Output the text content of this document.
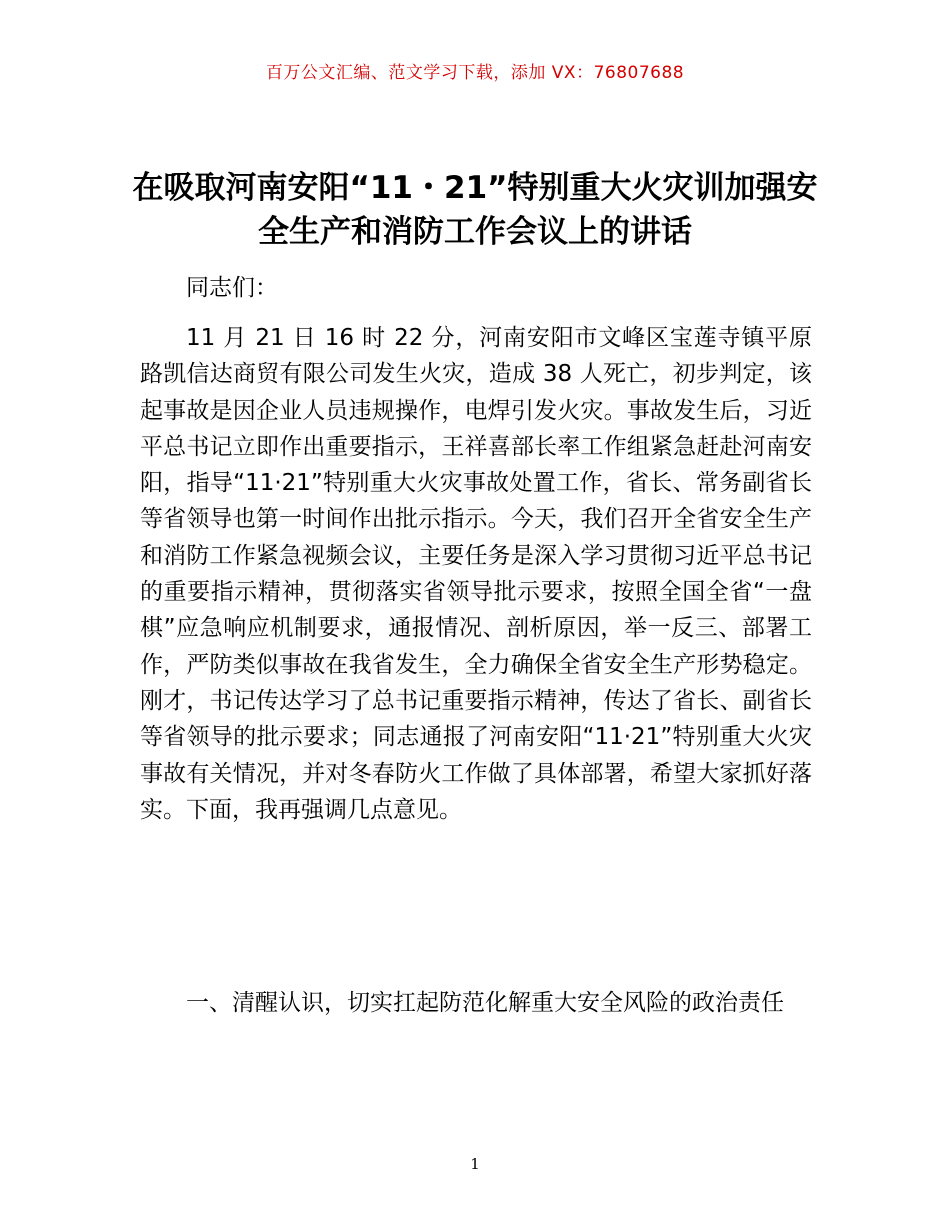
百万公文汇编、范文学习下载，添加 VX：76807688
在吸取河南安阳“11・21”特别重大火灾训加强安全生产和消防工作会议上的讲话

同志们：

11 月 21 日 16 时 22 分，河南安阳市文峰区宝莲寺镇平原路凯信达商贸有限公司发生火灾，造成 38 人死亡，初步判定，该起事故是因企业人员违规操作，电焊引发火灾。事故发生后，习近平总书记立即作出重要指示，王祥喜部长率工作组紧急赶赴河南安阳，指导“11·21”特别重大火灾事故处置工作，省长、常务副省长等省领导也第一时间作出批示指示。今天，我们召开全省安全生产和消防工作紧急视频会议，主要任务是深入学习贯彻习近平总书记的重要指示精神，贯彻落实省领导批示要求，按照全国全省“一盘棋”应急响应机制要求，通报情况、剖析原因，举一反三、部署工作，严防类似事故在我省发生，全力确保全省安全生产形势稳定。刚才，书记传达学习了总书记重要指示精神，传达了省长、副省长等省领导的批示要求；同志通报了河南安阳“11·21”特别重大火灾事故有关情况，并对冬春防火工作做了具体部署，希望大家抓好落实。下面，我再强调几点意见。

一、清醒认识，切实扛起防范化解重大安全风险的政治责任

1
